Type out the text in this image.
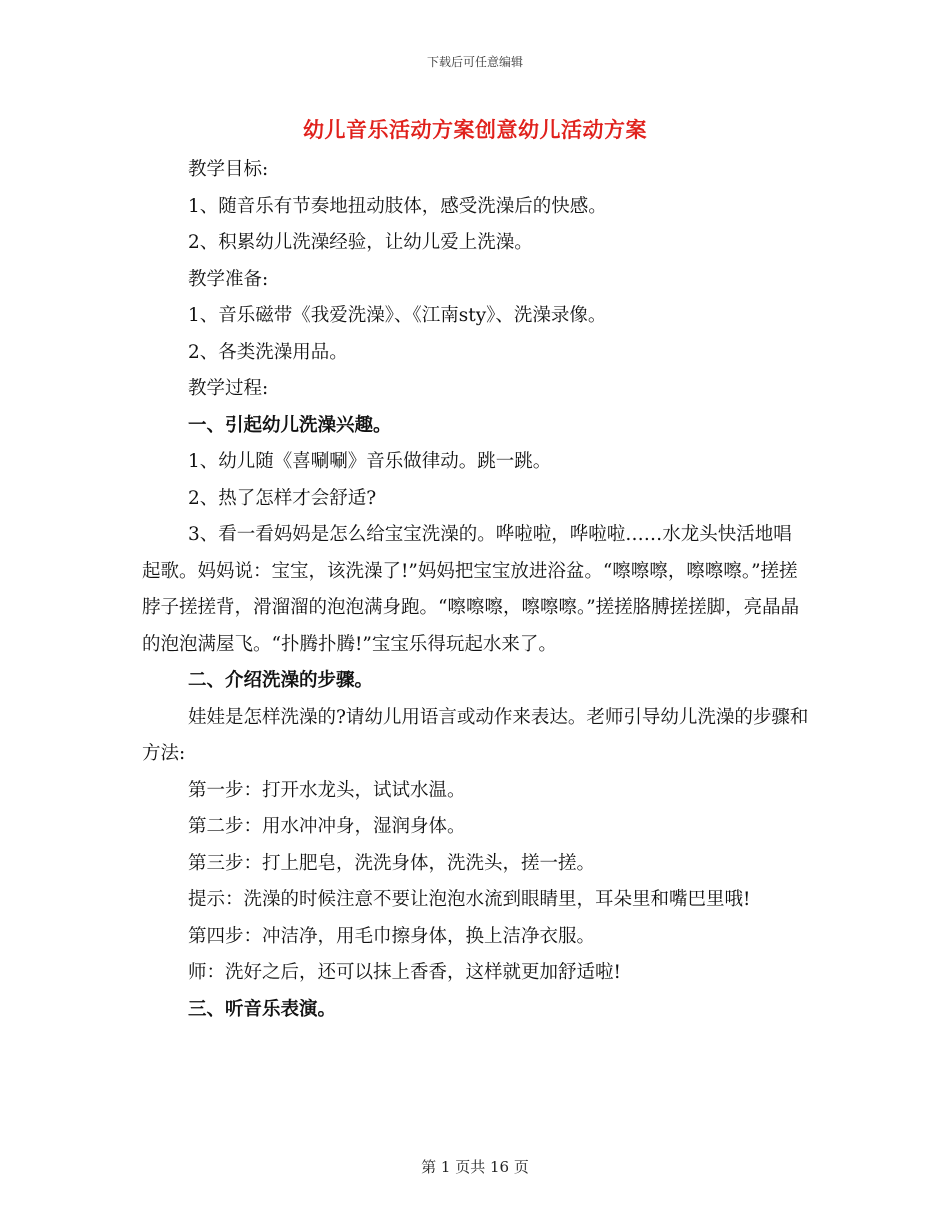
下载后可任意编辑
幼儿音乐活动方案创意幼儿活动方案

教学目标:

1、随音乐有节奏地扭动肢体，感受洗澡后的快感。

2、积累幼儿洗澡经验，让幼儿爱上洗澡。

教学准备:

1、音乐磁带《我爱洗澡》、《江南sty》、洗澡录像。

2、各类洗澡用品。

教学过程:

一、引起幼儿洗澡兴趣。

1、幼儿随《喜唰唰》音乐做律动。跳一跳。

2、热了怎样才会舒适?

3、看一看妈妈是怎么给宝宝洗澡的。哗啦啦，哗啦啦……水龙头快活地唱起歌。妈妈说：宝宝，该洗澡了!”妈妈把宝宝放进浴盆。“嚓嚓嚓，嚓嚓嚓。”搓搓脖子搓搓背，滑溜溜的泡泡满身跑。“嚓嚓嚓，嚓嚓嚓。”搓搓胳膊搓搓脚，亮晶晶的泡泡满屋飞。“扑腾扑腾!”宝宝乐得玩起水来了。

二、介绍洗澡的步骤。

娃娃是怎样洗澡的?请幼儿用语言或动作来表达。老师引导幼儿洗澡的步骤和方法:

第一步：打开水龙头，试试水温。

第二步：用水冲冲身，湿润身体。

第三步：打上肥皂，洗洗身体，洗洗头，搓一搓。

提示：洗澡的时候注意不要让泡泡水流到眼睛里，耳朵里和嘴巴里哦!

第四步：冲洁净，用毛巾擦身体，换上洁净衣服。

师：洗好之后，还可以抹上香香，这样就更加舒适啦!

三、听音乐表演。

第 1 页共 16 页
